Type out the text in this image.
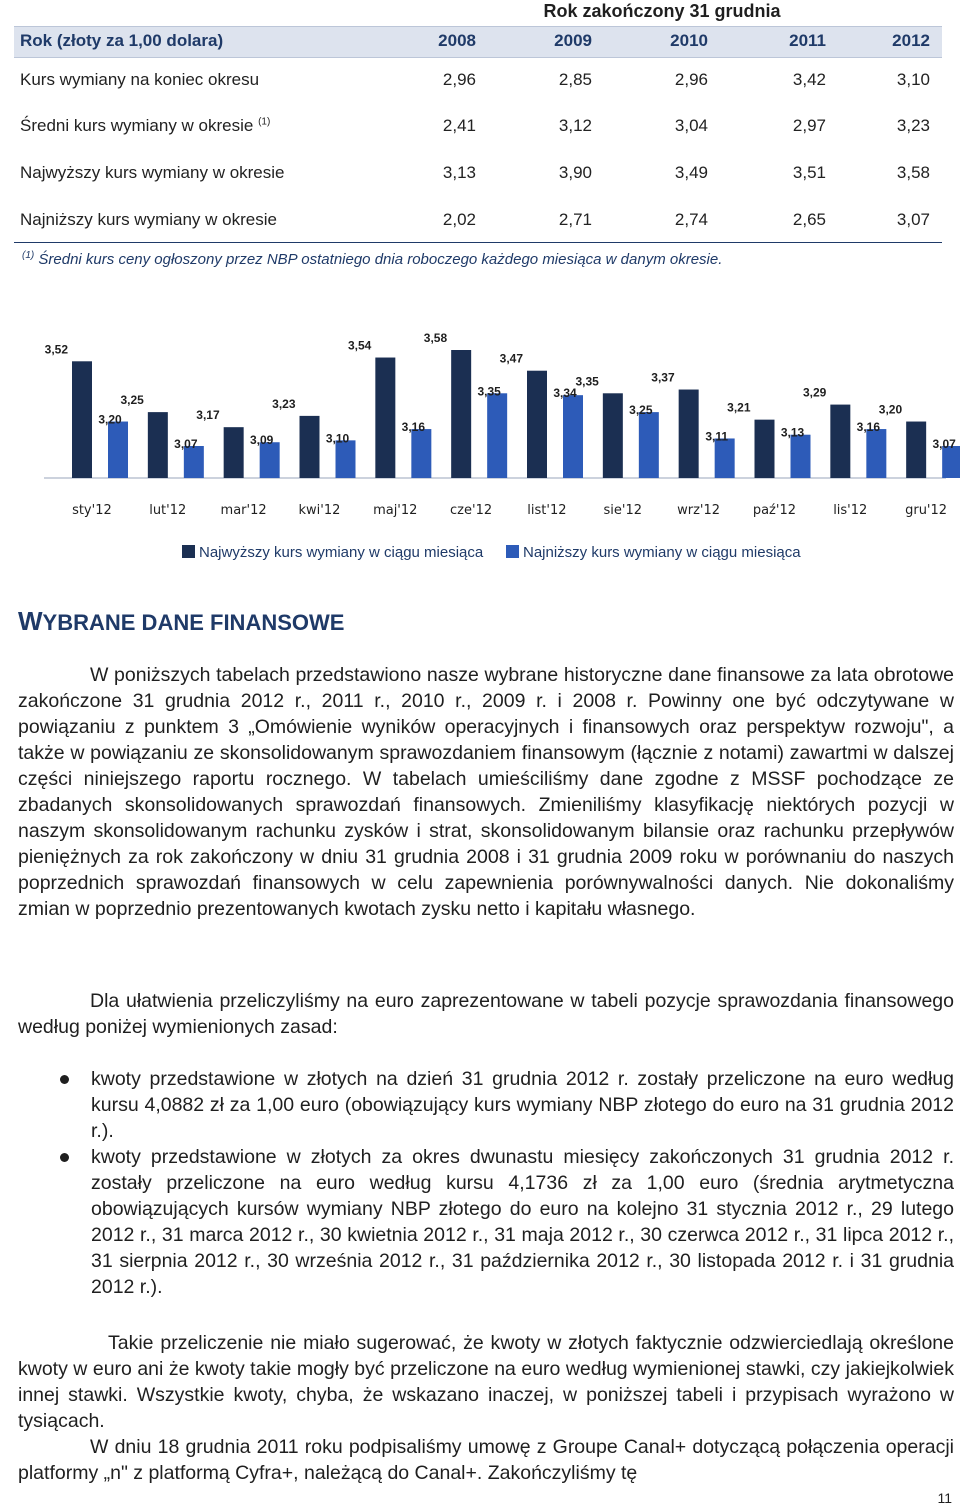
Rok zakończony 31 grudnia
Rok (złoty za 1,00 dolara)	2008	2009	2010	2011	2012
Kurs wymiany na koniec okresu	2,96	2,85	2,96	3,42	3,10
Średni kurs wymiany w okresie $^{(1)}$	2,41	3,12	3,04	2,97	3,23
Najwyższy kurs wymiany w okresie	3,13	3,90	3,49	3,51	3,58
Najniższy kurs wymiany w okresie	2,02	2,71	2,74	2,65	3,07
$^{(1)}$ Średni kurs ceny ogłoszony przez NBP ostatniego dnia roboczego każdego miesiąca w danym okresie.
3,52
3,20
sty'12
3,25
3,07
lut'12
3,17
3,09
mar'12
3,23
3,10
kwi'12
3,54
3,16
maj'12
3,58
3,35
cze'12
3,47
3,34
list'12
3,35
3,25
sie'12
3,37
3,11
wrz'12
3,21
3,13
paź'12
3,29
3,16
lis'12
3,20
3,07
gru'12
Najwyższy kurs wymiany w ciągu miesiąca	Najniższy kurs wymiany w ciągu miesiąca
WYBRANE DANE FINANSOWE
W poniższych tabelach przedstawiono nasze wybrane historyczne dane finansowe za lata obrotowe zakończone 31 grudnia 2012 r., 2011 r., 2010 r., 2009 r. i 2008 r. Powinny one być odczytywane w powiązaniu z punktem 3 „Omówienie wyników operacyjnych i finansowych oraz perspektyw rozwoju", a także w powiązaniu ze skonsolidowanym sprawozdaniem finansowym (łącznie z notami) zawartmi w dalszej części niniejszego raportu rocznego. W tabelach umieściliśmy dane zgodne z MSSF pochodzące ze zbadanych skonsolidowanych sprawozdań finansowych. Zmieniliśmy klasyfikację niektórych pozycji w naszym skonsolidowanym rachunku zysków i strat, skonsolidowanym bilansie oraz rachunku przepływów pieniężnych za rok zakończony w dniu 31 grudnia 2008 i 31 grudnia 2009 roku w porównaniu do naszych poprzednich sprawozdań finansowych w celu zapewnienia porównywalności danych. Nie dokonaliśmy zmian w poprzednio prezentowanych kwotach zysku netto i kapitału własnego.
Dla ułatwienia przeliczyliśmy na euro zaprezentowane w tabeli pozycje sprawozdania finansowego według poniżej wymienionych zasad:
kwoty przedstawione w złotych na dzień 31 grudnia 2012 r. zostały przeliczone na euro według kursu 4,0882 zł za 1,00 euro (obowiązujący kurs wymiany NBP złotego do euro na 31 grudnia 2012 r.).
kwoty przedstawione w złotych za okres dwunastu miesięcy zakończonych 31 grudnia 2012 r. zostały przeliczone na euro według kursu 4,1736 zł za 1,00 euro (średnia arytmetyczna obowiązujących kursów wymiany NBP złotego do euro na kolejno 31 stycznia 2012 r., 29 lutego 2012 r., 31 marca 2012 r., 30 kwietnia 2012 r., 31 maja 2012 r., 30 czerwca 2012 r., 31 lipca 2012 r., 31 sierpnia 2012 r., 30 września 2012 r., 31 października 2012 r., 30 listopada 2012 r. i 31 grudnia 2012 r.).
Takie przeliczenie nie miało sugerować, że kwoty w złotych faktycznie odzwierciedlają określone kwoty w euro ani że kwoty takie mogły być przeliczone na euro według wymienionej stawki, czy jakiejkolwiek innej stawki. Wszystkie kwoty, chyba, że wskazano inaczej, w poniższej tabeli i przypisach wyrażono w tysiącach.
W dniu 18 grudnia 2011 roku podpisaliśmy umowę z Groupe Canal+ dotyczącą połączenia operacji platformy „n" z platformą Cyfra+, należącą do Canal+. Zakończyliśmy tę
11
